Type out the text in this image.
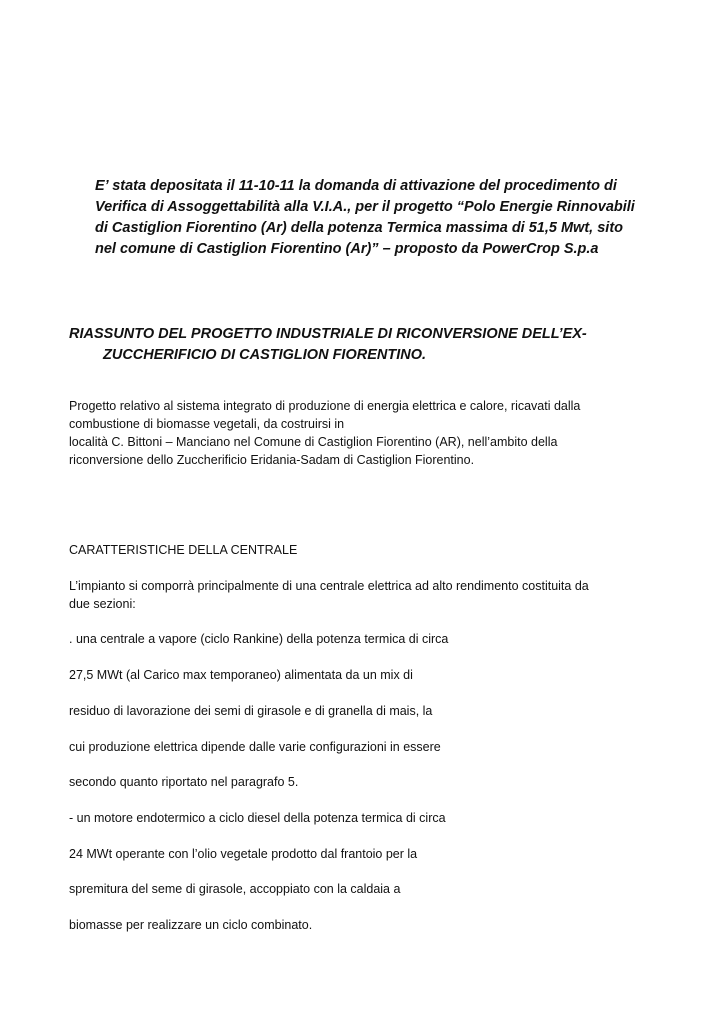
E’ stata depositata il 11-10-11 la domanda di attivazione del procedimento di
Verifica di Assoggettabilità alla V.I.A., per il progetto “Polo Energie Rinnovabili
di Castiglion Fiorentino (Ar) della potenza Termica massima di 51,5 Mwt, sito
nel comune di Castiglion Fiorentino (Ar)” – proposto da PowerCrop S.p.a
RIASSUNTO DEL PROGETTO INDUSTRIALE DI RICONVERSIONE DELL’EX-
ZUCCHERIFICIO DI CASTIGLION FIORENTINO.
Progetto relativo al sistema integrato di produzione di energia elettrica e calore, ricavati dalla
combustione di biomasse vegetali, da costruirsi in
località C. Bittoni – Manciano nel Comune di Castiglion Fiorentino (AR), nell’ambito della
riconversione dello Zuccherificio Eridania-Sadam di Castiglion Fiorentino.
CARATTERISTICHE DELLA CENTRALE
L’impianto si comporrà principalmente di una centrale elettrica ad alto rendimento costituita da
due sezioni:
. una centrale a vapore (ciclo Rankine) della potenza termica di circa
27,5 MWt (al Carico max temporaneo) alimentata da un mix di
residuo di lavorazione dei semi di girasole e di granella di mais, la
cui produzione elettrica dipende dalle varie configurazioni in essere
secondo quanto riportato nel paragrafo 5.
- un motore endotermico a ciclo diesel della potenza termica di circa
24 MWt operante con l’olio vegetale prodotto dal frantoio per la
spremitura del seme di girasole, accoppiato con la caldaia a
biomasse per realizzare un ciclo combinato.
